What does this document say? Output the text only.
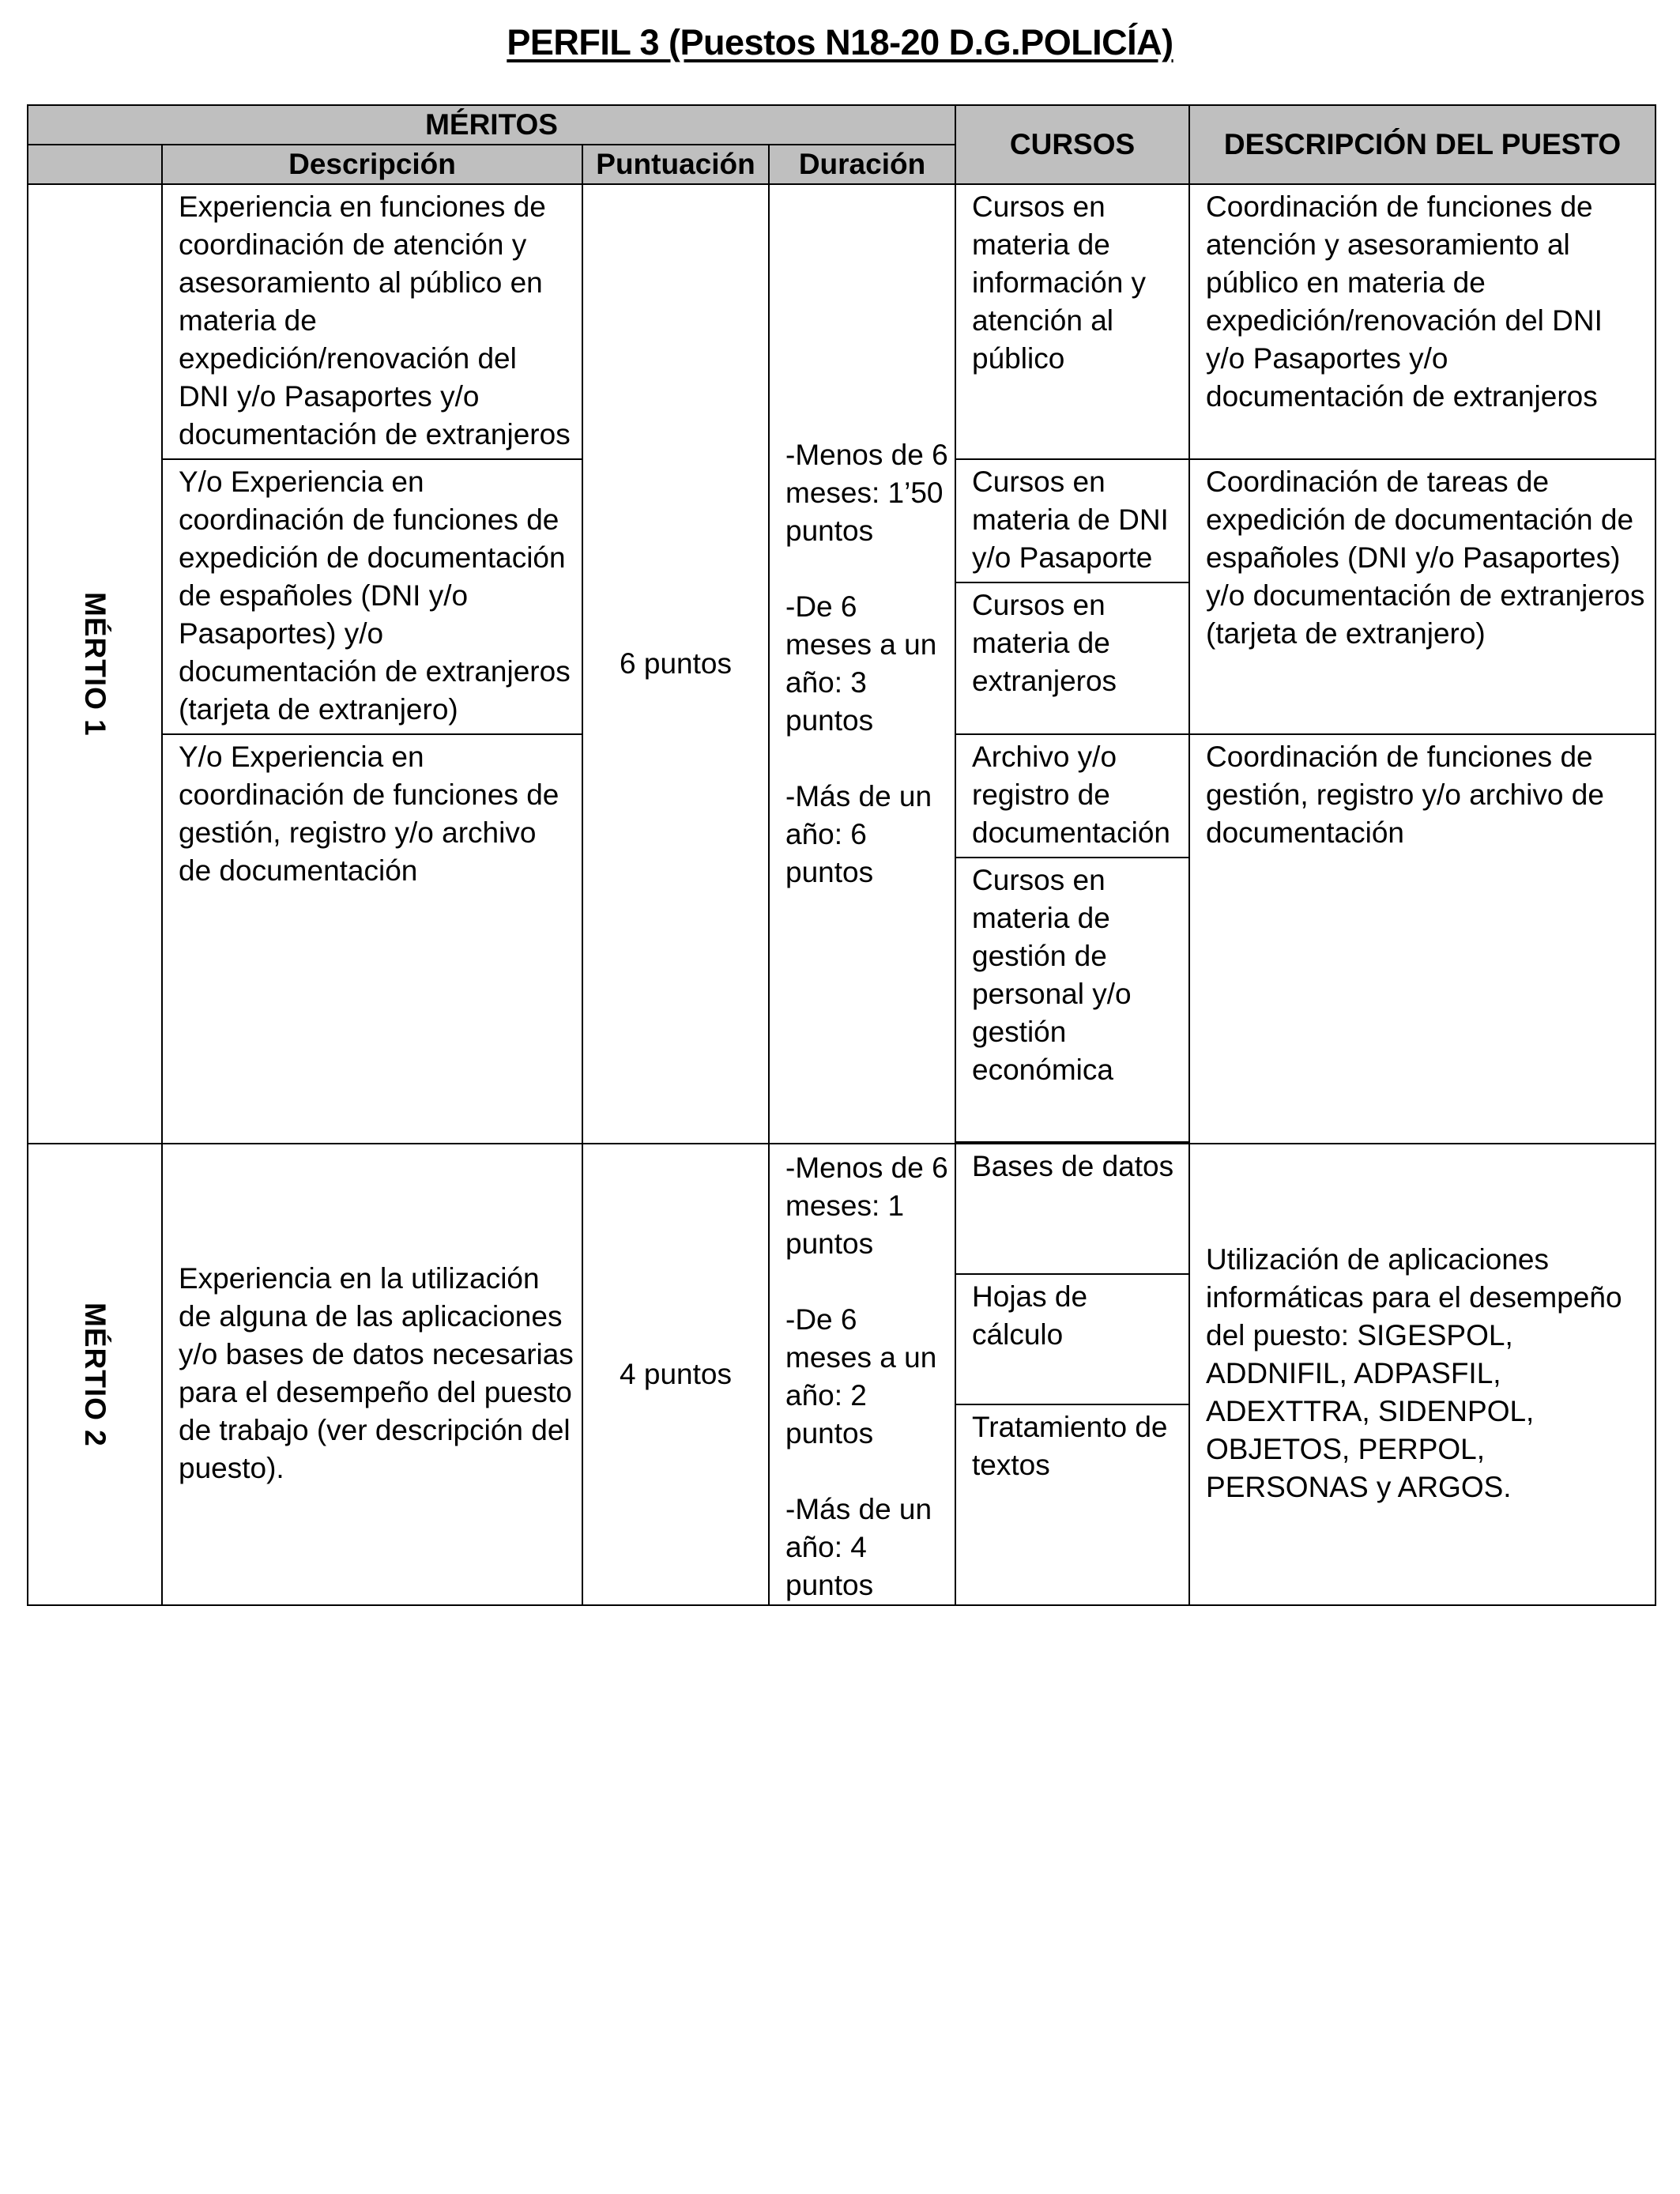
PERFIL 3 (Puestos N18-20 D.G.POLICÍA)
MÉRITOS				CURSOS	DESCRIPCIÓN DEL PUESTO
	Descripción	Puntuación	Duración		

MÉRTIO 1	Experiencia en funciones de coordinación de atención y asesoramiento al público en materia de expedición/renovación del DNI y/o Pasaportes y/o documentación de extranjeros	6 puntos	-Menos de 6 meses: 1’50 puntos
-De 6 meses a un año: 3 puntos
-Más de un año: 6 puntos	Cursos en materia de información y atención al público	Coordinación de funciones de atención y asesoramiento al público en materia de expedición/renovación del DNI y/o Pasaportes y/o documentación de extranjeros
	Y/o Experiencia en coordinación de funciones de expedición de documentación de españoles (DNI y/o Pasaportes) y/o documentación de extranjeros (tarjeta de extranjero)			Cursos en materia de DNI y/o Pasaporte	Coordinación de tareas de expedición de documentación de españoles (DNI y/o Pasaportes) y/o documentación de extranjeros (tarjeta de extranjero)
				Cursos en materia de extranjeros	
	Y/o Experiencia en coordinación de funciones de gestión, registro y/o archivo de documentación			Archivo y/o registro de documentación	Coordinación de funciones de gestión, registro y/o archivo de documentación
				Cursos en materia de gestión de personal y/o gestión económica	

MÉRTIO 2	Experiencia en la utilización de alguna de las aplicaciones y/o bases de datos necesarias para el desempeño del puesto de trabajo (ver descripción del puesto).	4 puntos	-Menos de 6 meses: 1 puntos
-De 6 meses a un año: 2 puntos
-Más de un año: 4 puntos	Bases de datos	Utilización de aplicaciones informáticas para el desempeño del puesto: SIGESPOL, ADDNIFIL, ADPASFIL, ADEXTTRA, SIDENPOL, OBJETOS, PERPOL, PERSONAS y ARGOS.
				Hojas de cálculo	
				Tratamiento de textos	
